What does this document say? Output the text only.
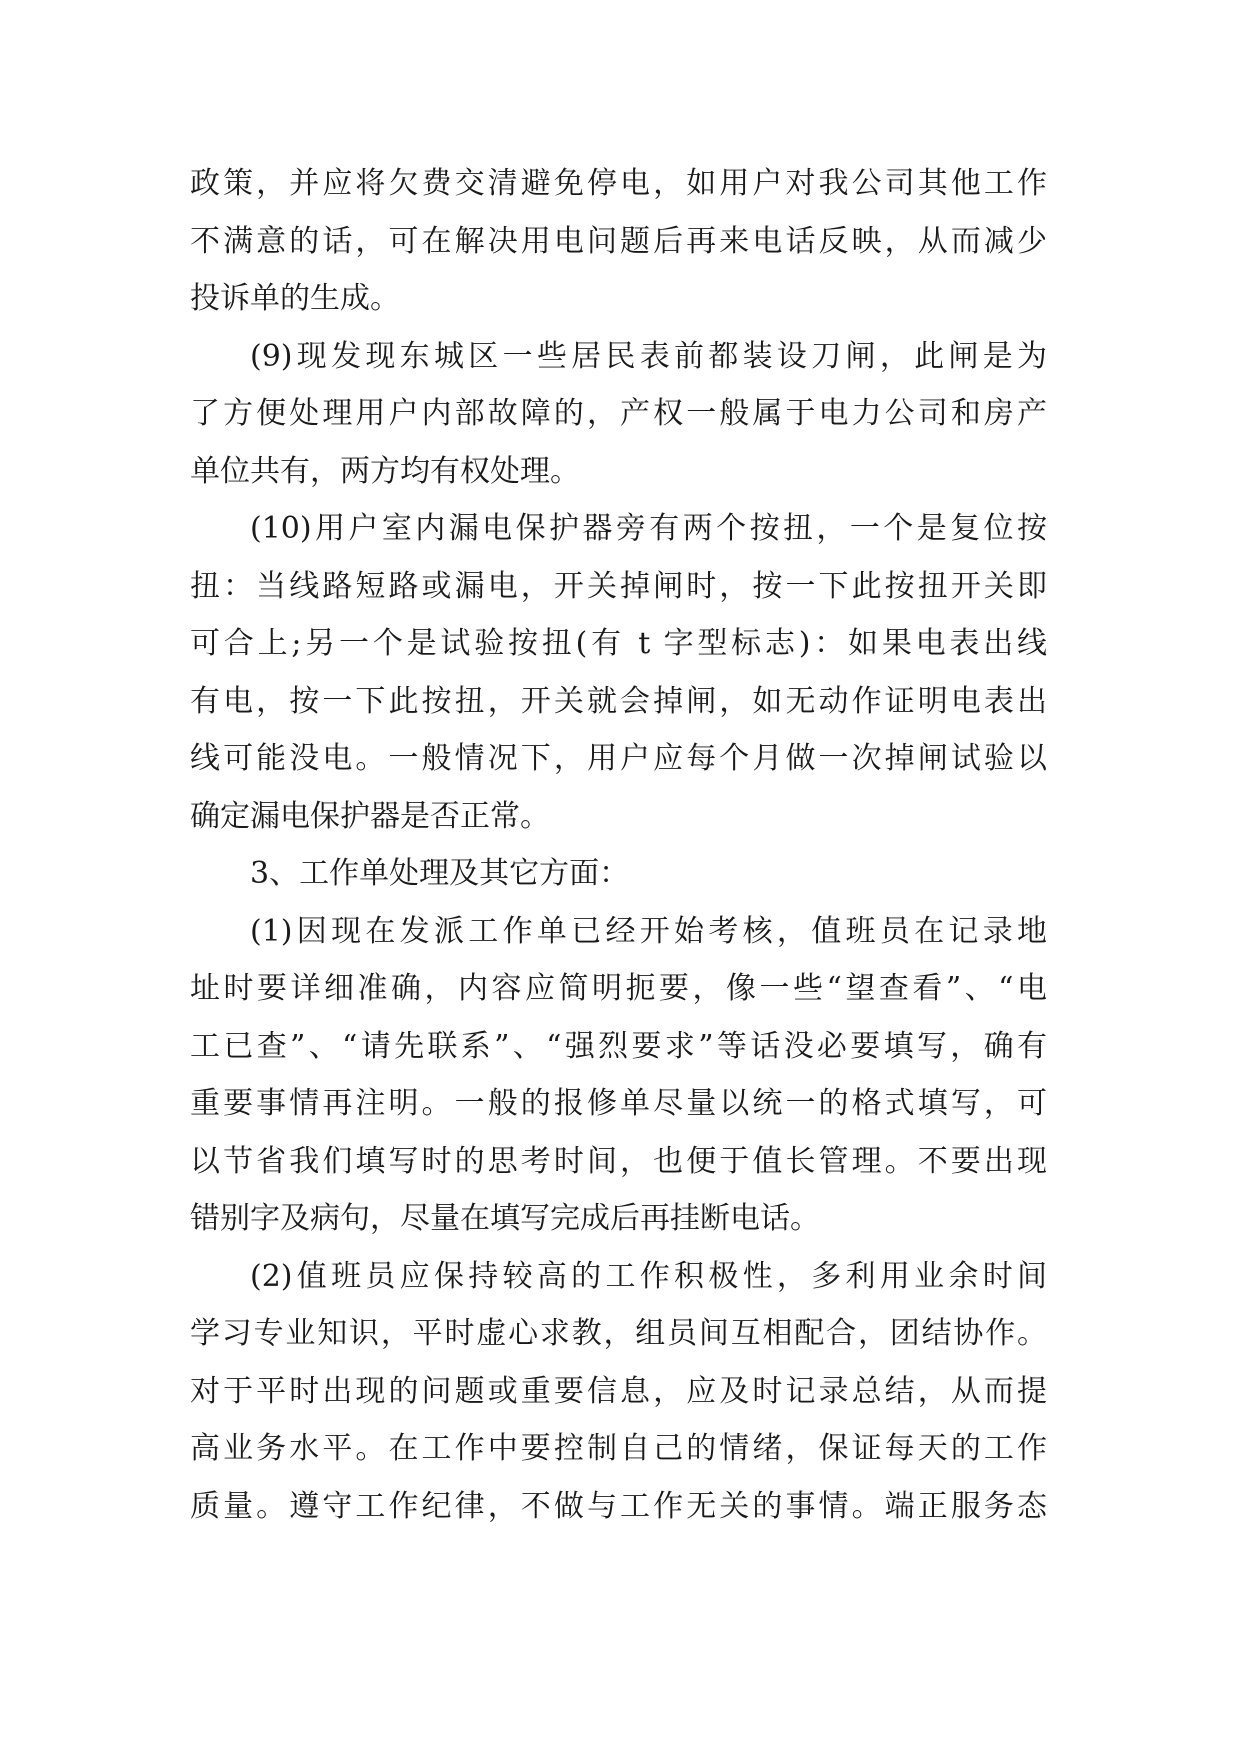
政策，并应将欠费交清避免停电，如用户对我公司其他工作
不满意的话，可在解决用电问题后再来电话反映，从而减少
投诉单的生成。
(9)现发现东城区一些居民表前都装设刀闸，此闸是为
了方便处理用户内部故障的，产权一般属于电力公司和房产
单位共有，两方均有权处理。
(10)用户室内漏电保护器旁有两个按扭，一个是复位按
扭：当线路短路或漏电，开关掉闸时，按一下此按扭开关即
可合上;另一个是试验按扭(有 t 字型标志)：如果电表出线
有电，按一下此按扭，开关就会掉闸，如无动作证明电表出
线可能没电。一般情况下，用户应每个月做一次掉闸试验以
确定漏电保护器是否正常。
3、工作单处理及其它方面：
(1)因现在发派工作单已经开始考核，值班员在记录地
址时要详细准确，内容应简明扼要，像一些“望查看”、“电
工已查”、“请先联系”、“强烈要求”等话没必要填写，确有
重要事情再注明。一般的报修单尽量以统一的格式填写，可
以节省我们填写时的思考时间，也便于值长管理。不要出现
错别字及病句，尽量在填写完成后再挂断电话。
(2)值班员应保持较高的工作积极性，多利用业余时间
学习专业知识，平时虚心求教，组员间互相配合，团结协作。
对于平时出现的问题或重要信息，应及时记录总结，从而提
高业务水平。在工作中要控制自己的情绪，保证每天的工作
质量。遵守工作纪律，不做与工作无关的事情。端正服务态
